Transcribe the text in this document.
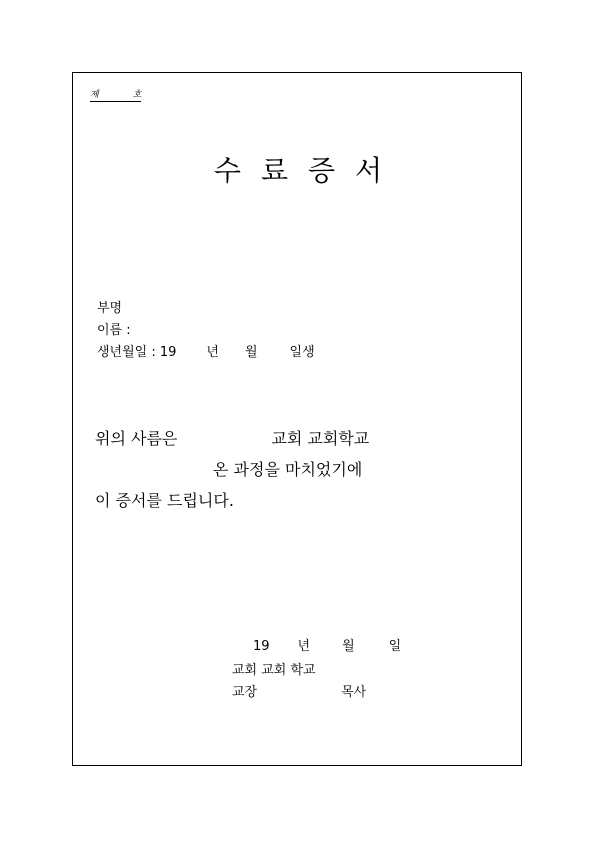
제	호
수료증서
부명
이름 :
생년월일 : 19 년 월 일생
위의 사름은	교회 교회학교
온 과정을 마치었기에
이 증서를 드립니다.
19 년 월	일
교회 교회 학교
교장	목사
